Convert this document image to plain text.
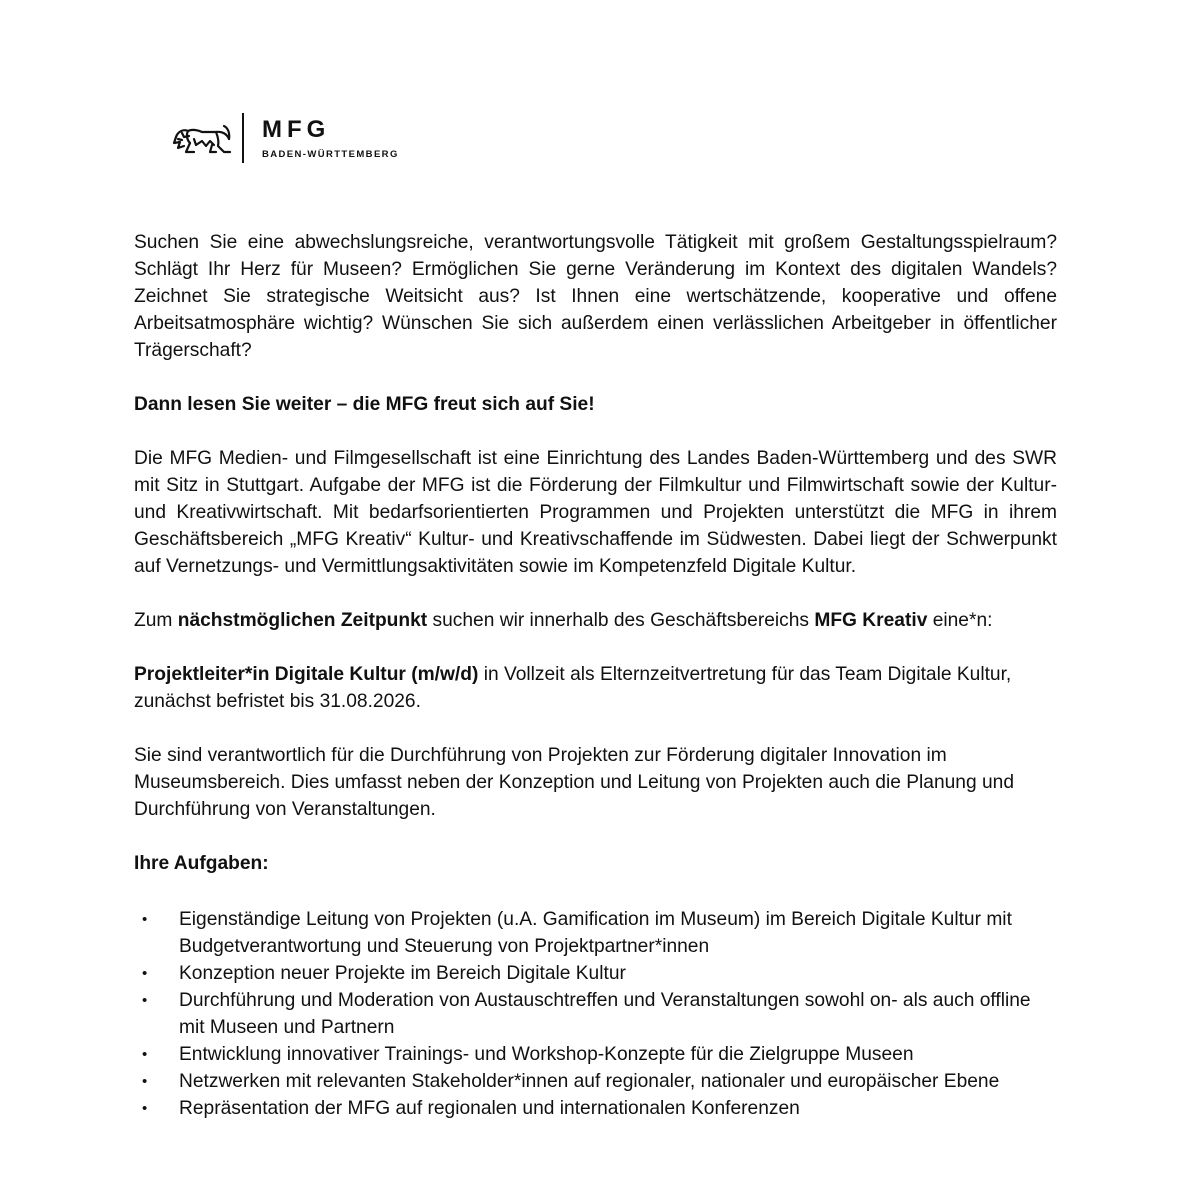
MFG
BADEN-WÜRTTEMBERG

Suchen Sie eine abwechslungsreiche, verantwortungsvolle Tätigkeit mit großem Gestaltungsspielraum? Schlägt Ihr Herz für Museen? Ermöglichen Sie gerne Veränderung im Kontext des digitalen Wandels? Zeichnet Sie strategische Weitsicht aus? Ist Ihnen eine wertschätzende, kooperative und offene Arbeitsatmosphäre wichtig? Wünschen Sie sich außerdem einen verlässlichen Arbeitgeber in öffentlicher Trägerschaft?

Dann lesen Sie weiter – die MFG freut sich auf Sie!

Die MFG Medien- und Filmgesellschaft ist eine Einrichtung des Landes Baden-Württemberg und des SWR mit Sitz in Stuttgart. Aufgabe der MFG ist die Förderung der Filmkultur und Filmwirtschaft sowie der Kultur- und Kreativwirtschaft. Mit bedarfsorientierten Programmen und Projekten unterstützt die MFG in ihrem Geschäftsbereich „MFG Kreativ“ Kultur- und Kreativschaffende im Südwesten. Dabei liegt der Schwerpunkt auf Vernetzungs- und Vermittlungsaktivitäten sowie im Kompetenzfeld Digitale Kultur.

Zum nächstmöglichen Zeitpunkt suchen wir innerhalb des Geschäftsbereichs MFG Kreativ eine*n:

Projektleiter*in Digitale Kultur (m/w/d) in Vollzeit als Elternzeitvertretung für das Team Digitale Kultur, zunächst befristet bis 31.08.2026.

Sie sind verantwortlich für die Durchführung von Projekten zur Förderung digitaler Innovation im Museumsbereich. Dies umfasst neben der Konzeption und Leitung von Projekten auch die Planung und Durchführung von Veranstaltungen.

Ihre Aufgaben:

• Eigenständige Leitung von Projekten (u.A. Gamification im Museum) im Bereich Digitale Kultur mit Budgetverantwortung und Steuerung von Projektpartner*innen
• Konzeption neuer Projekte im Bereich Digitale Kultur
• Durchführung und Moderation von Austauschtreffen und Veranstaltungen sowohl on- als auch offline mit Museen und Partnern
• Entwicklung innovativer Trainings- und Workshop-Konzepte für die Zielgruppe Museen
• Netzwerken mit relevanten Stakeholder*innen auf regionaler, nationaler und europäischer Ebene
• Repräsentation der MFG auf regionalen und internationalen Konferenzen
